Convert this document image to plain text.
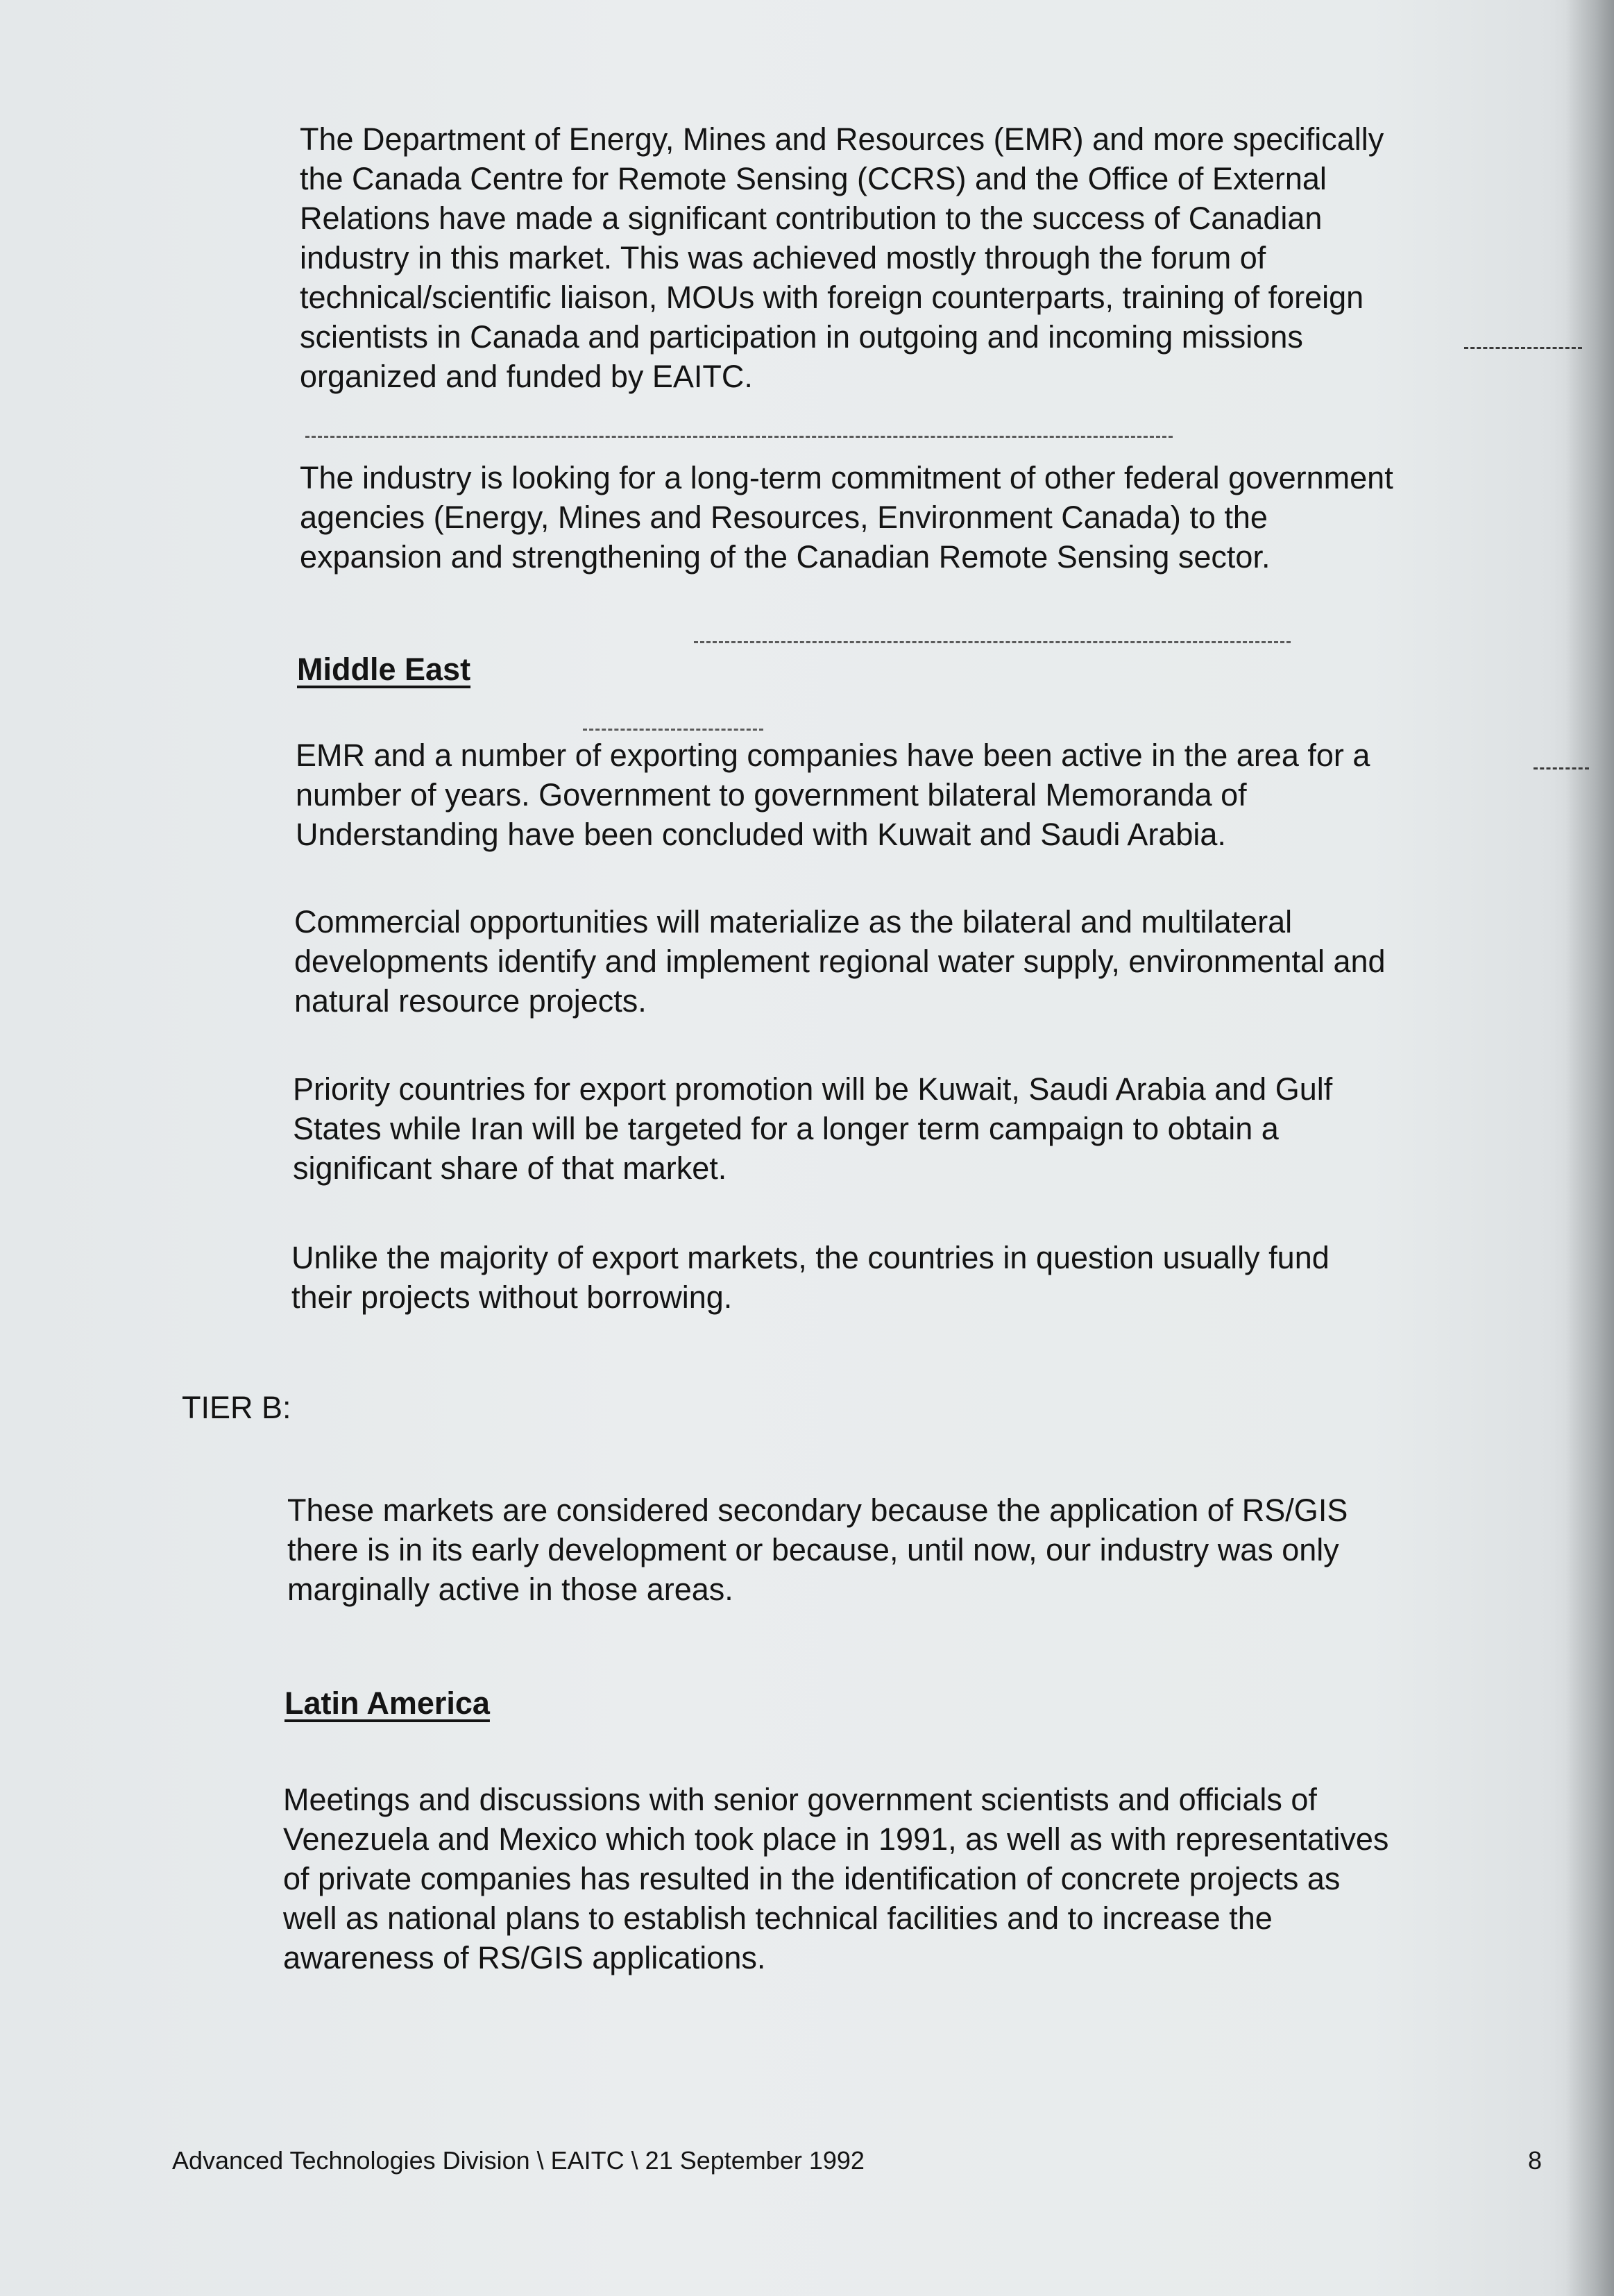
The Department of Energy, Mines and Resources (EMR) and more specifically
the Canada Centre for Remote Sensing (CCRS) and the Office of External
Relations have made a significant contribution to the success of Canadian
industry in this market. This was achieved mostly through the forum of
technical/scientific liaison, MOUs with foreign counterparts, training of foreign
scientists in Canada and participation in outgoing and incoming missions
organized and funded by EAITC.
The industry is looking for a long-term commitment of other federal government
agencies (Energy, Mines and Resources, Environment Canada) to the
expansion and strengthening of the Canadian Remote Sensing sector.
Middle East
EMR and a number of exporting companies have been active in the area for a
number of years. Government to government bilateral Memoranda of
Understanding have been concluded with Kuwait and Saudi Arabia.
Commercial opportunities will materialize as the bilateral and multilateral
developments identify and implement regional water supply, environmental and
natural resource projects.
Priority countries for export promotion will be Kuwait, Saudi Arabia and Gulf
States while Iran will be targeted for a longer term campaign to obtain a
significant share of that market.
Unlike the majority of export markets, the countries in question usually fund
their projects without borrowing.
TIER B:
These markets are considered secondary because the application of RS/GIS
there is in its early development or because, until now, our industry was only
marginally active in those areas.
Latin America
Meetings and discussions with senior government scientists and officials of
Venezuela and Mexico which took place in 1991, as well as with representatives
of private companies has resulted in the identification of concrete projects as
well as national plans to establish technical facilities and to increase the
awareness of RS/GIS applications.
Advanced Technologies Division \ EAITC \ 21 September 1992	8
